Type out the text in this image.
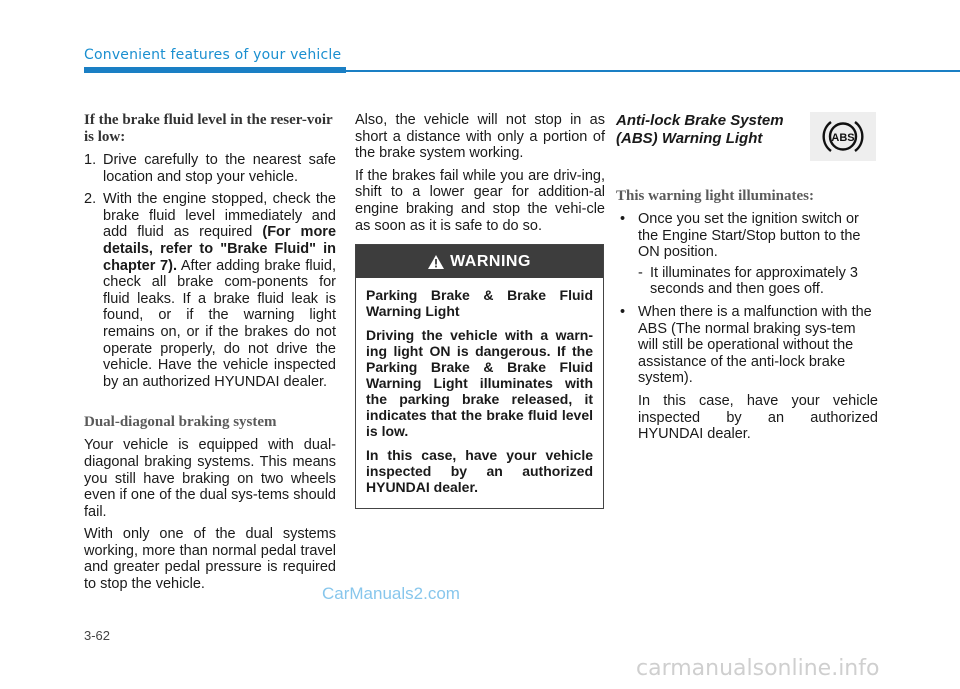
Convenient features of your vehicle
If the brake fluid level in the reser-voir is low:
1. Drive carefully to the nearest safe location and stop your vehicle.
2. With the engine stopped, check the brake fluid level immediately and add fluid as required (For more details, refer to "Brake Fluid" in chapter 7). After adding brake fluid, check all brake com-ponents for fluid leaks. If a brake fluid leak is found, or if the warning light remains on, or if the brakes do not operate properly, do not drive the vehicle. Have the vehicle inspected by an authorized HYUNDAI dealer.
Dual-diagonal braking system

Your vehicle is equipped with dual-diagonal braking systems. This means you still have braking on two wheels even if one of the dual sys-tems should fail.

With only one of the dual systems working, more than normal pedal travel and greater pedal pressure is required to stop the vehicle.

Also, the vehicle will not stop in as short a distance with only a portion of the brake system working.

If the brakes fail while you are driv-ing, shift to a lower gear for addition-al engine braking and stop the vehi-cle as soon as it is safe to do so.

WARNING

Parking Brake & Brake Fluid Warning Light

Driving the vehicle with a warn-ing light ON is dangerous. If the Parking Brake & Brake Fluid Warning Light illuminates with the parking brake released, it indicates that the brake fluid level is low.

In this case, have your vehicle inspected by an authorized HYUNDAI dealer.

Anti-lock Brake System (ABS) Warning Light
This warning light illuminates:
• Once you set the ignition switch or the Engine Start/Stop button to the ON position.
- It illuminates for approximately 3 seconds and then goes off.
• When there is a malfunction with the ABS (The normal braking sys-tem will still be operational without the assistance of the anti-lock brake system).

In this case, have your vehicle inspected by an authorized HYUNDAI dealer.

ABS
CarManuals2.com
3-62
carmanualsonline.info
